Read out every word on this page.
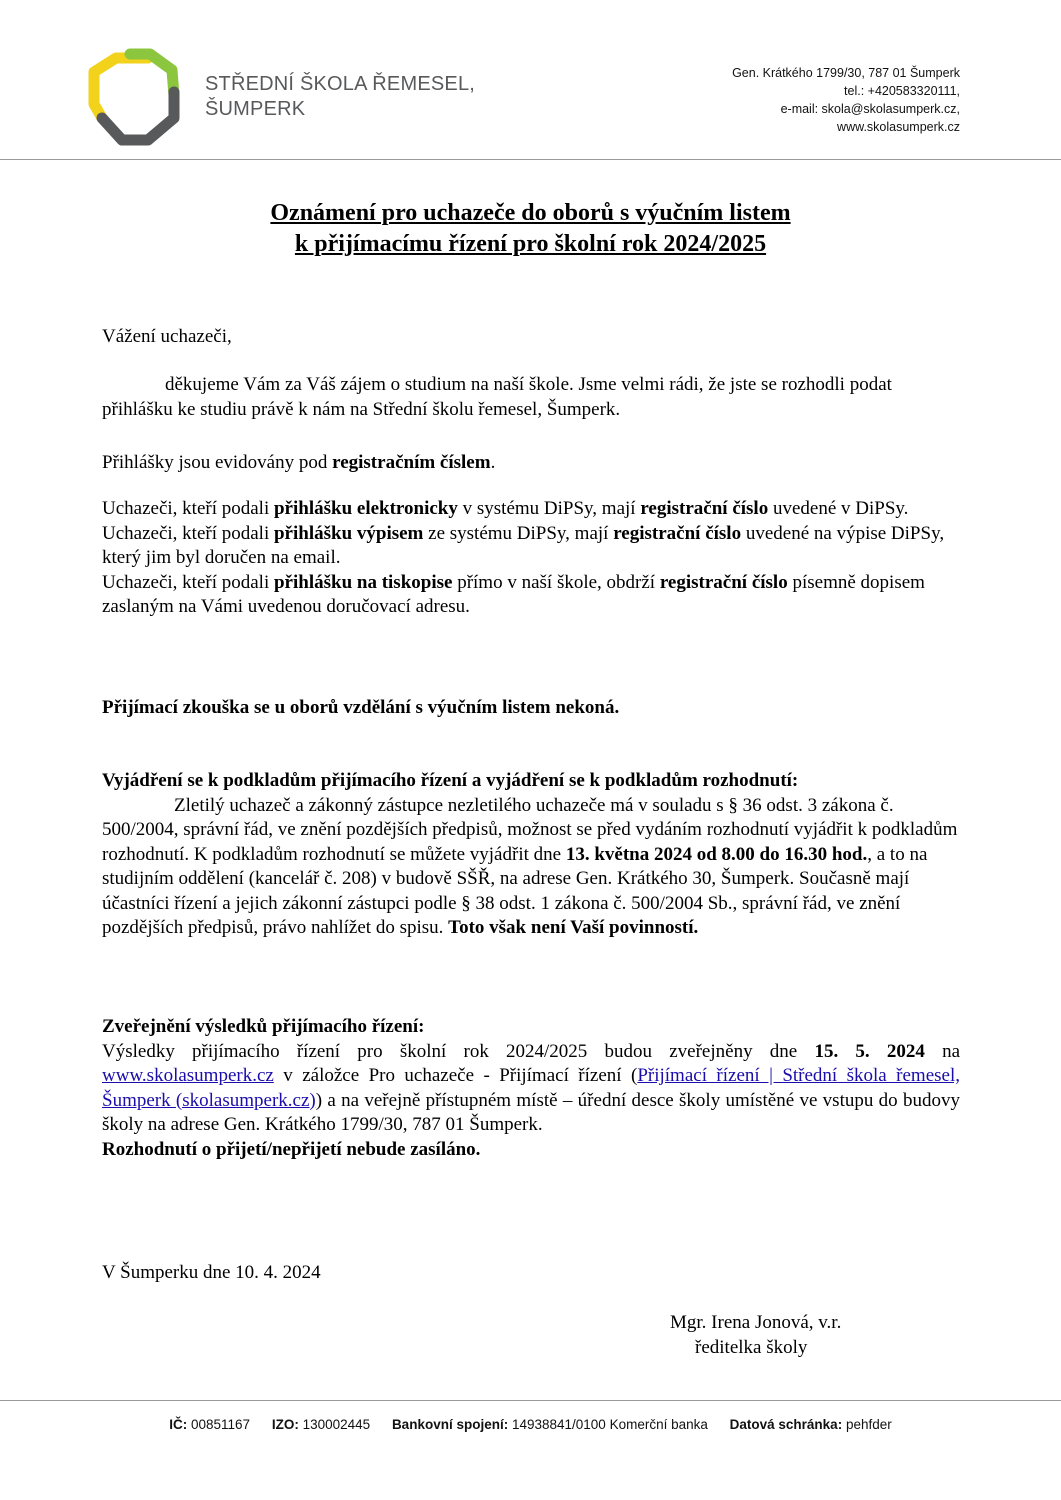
STŘEDNÍ ŠKOLA ŘEMESEL,
ŠUMPERK
Gen. Krátkého 1799/30, 787 01 Šumperk
tel.: +420583320111,
e-mail: skola@skolasumperk.cz,
www.skolasumperk.cz
Oznámení pro uchazeče do oborů s výučním listem
k přijímacímu řízení pro školní rok 2024/2025
Vážení uchazeči,
děkujeme Vám za Váš zájem o studium na naší škole. Jsme velmi rádi, že jste se rozhodli podat přihlášku ke studiu právě k nám na Střední školu řemesel, Šumperk.
Přihlášky jsou evidovány pod registračním číslem.
Uchazeči, kteří podali přihlášku elektronicky v systému DiPSy, mají registrační číslo uvedené v DiPSy.
Uchazeči, kteří podali přihlášku výpisem ze systému DiPSy, mají registrační číslo uvedené na výpise DiPSy, který jim byl doručen na email.
Uchazeči, kteří podali přihlášku na tiskopise přímo v naší škole, obdrží registrační číslo písemně dopisem zaslaným na Vámi uvedenou doručovací adresu.
Přijímací zkouška se u oborů vzdělání s výučním listem nekoná.
Vyjádření se k podkladům přijímacího řízení a vyjádření se k podkladům rozhodnutí:
Zletilý uchazeč a zákonný zástupce nezletilého uchazeče má v souladu s § 36 odst. 3 zákona č. 500/2004, správní řád, ve znění pozdějších předpisů, možnost se před vydáním rozhodnutí vyjádřit k podkladům rozhodnutí. K podkladům rozhodnutí se můžete vyjádřit dne 13. května 2024 od 8.00 do 16.30 hod., a to na studijním oddělení (kancelář č. 208) v budově SŠŘ, na adrese Gen. Krátkého 30, Šumperk. Současně mají účastníci řízení a jejich zákonní zástupci podle § 38 odst. 1 zákona č. 500/2004 Sb., správní řád, ve znění pozdějších předpisů, právo nahlížet do spisu. Toto však není Vaší povinností.
Zveřejnění výsledků přijímacího řízení:
Výsledky přijímacího řízení pro školní rok 2024/2025 budou zveřejněny dne 15. 5. 2024 na www.skolasumperk.cz v záložce Pro uchazeče - Přijímací řízení (Přijímací řízení | Střední škola řemesel, Šumperk (skolasumperk.cz)) a na veřejně přístupném místě – úřední desce školy umístěné ve vstupu do budovy školy na adrese Gen. Krátkého 1799/30, 787 01 Šumperk.
Rozhodnutí o přijetí/nepřijetí nebude zasíláno.
V Šumperku dne 10. 4. 2024
Mgr. Irena Jonová, v.r.
ředitelka školy
IČ: 00851167 IZO: 130002445 Bankovní spojení: 14938841/0100 Komerční banka Datová schránka: pehfder
